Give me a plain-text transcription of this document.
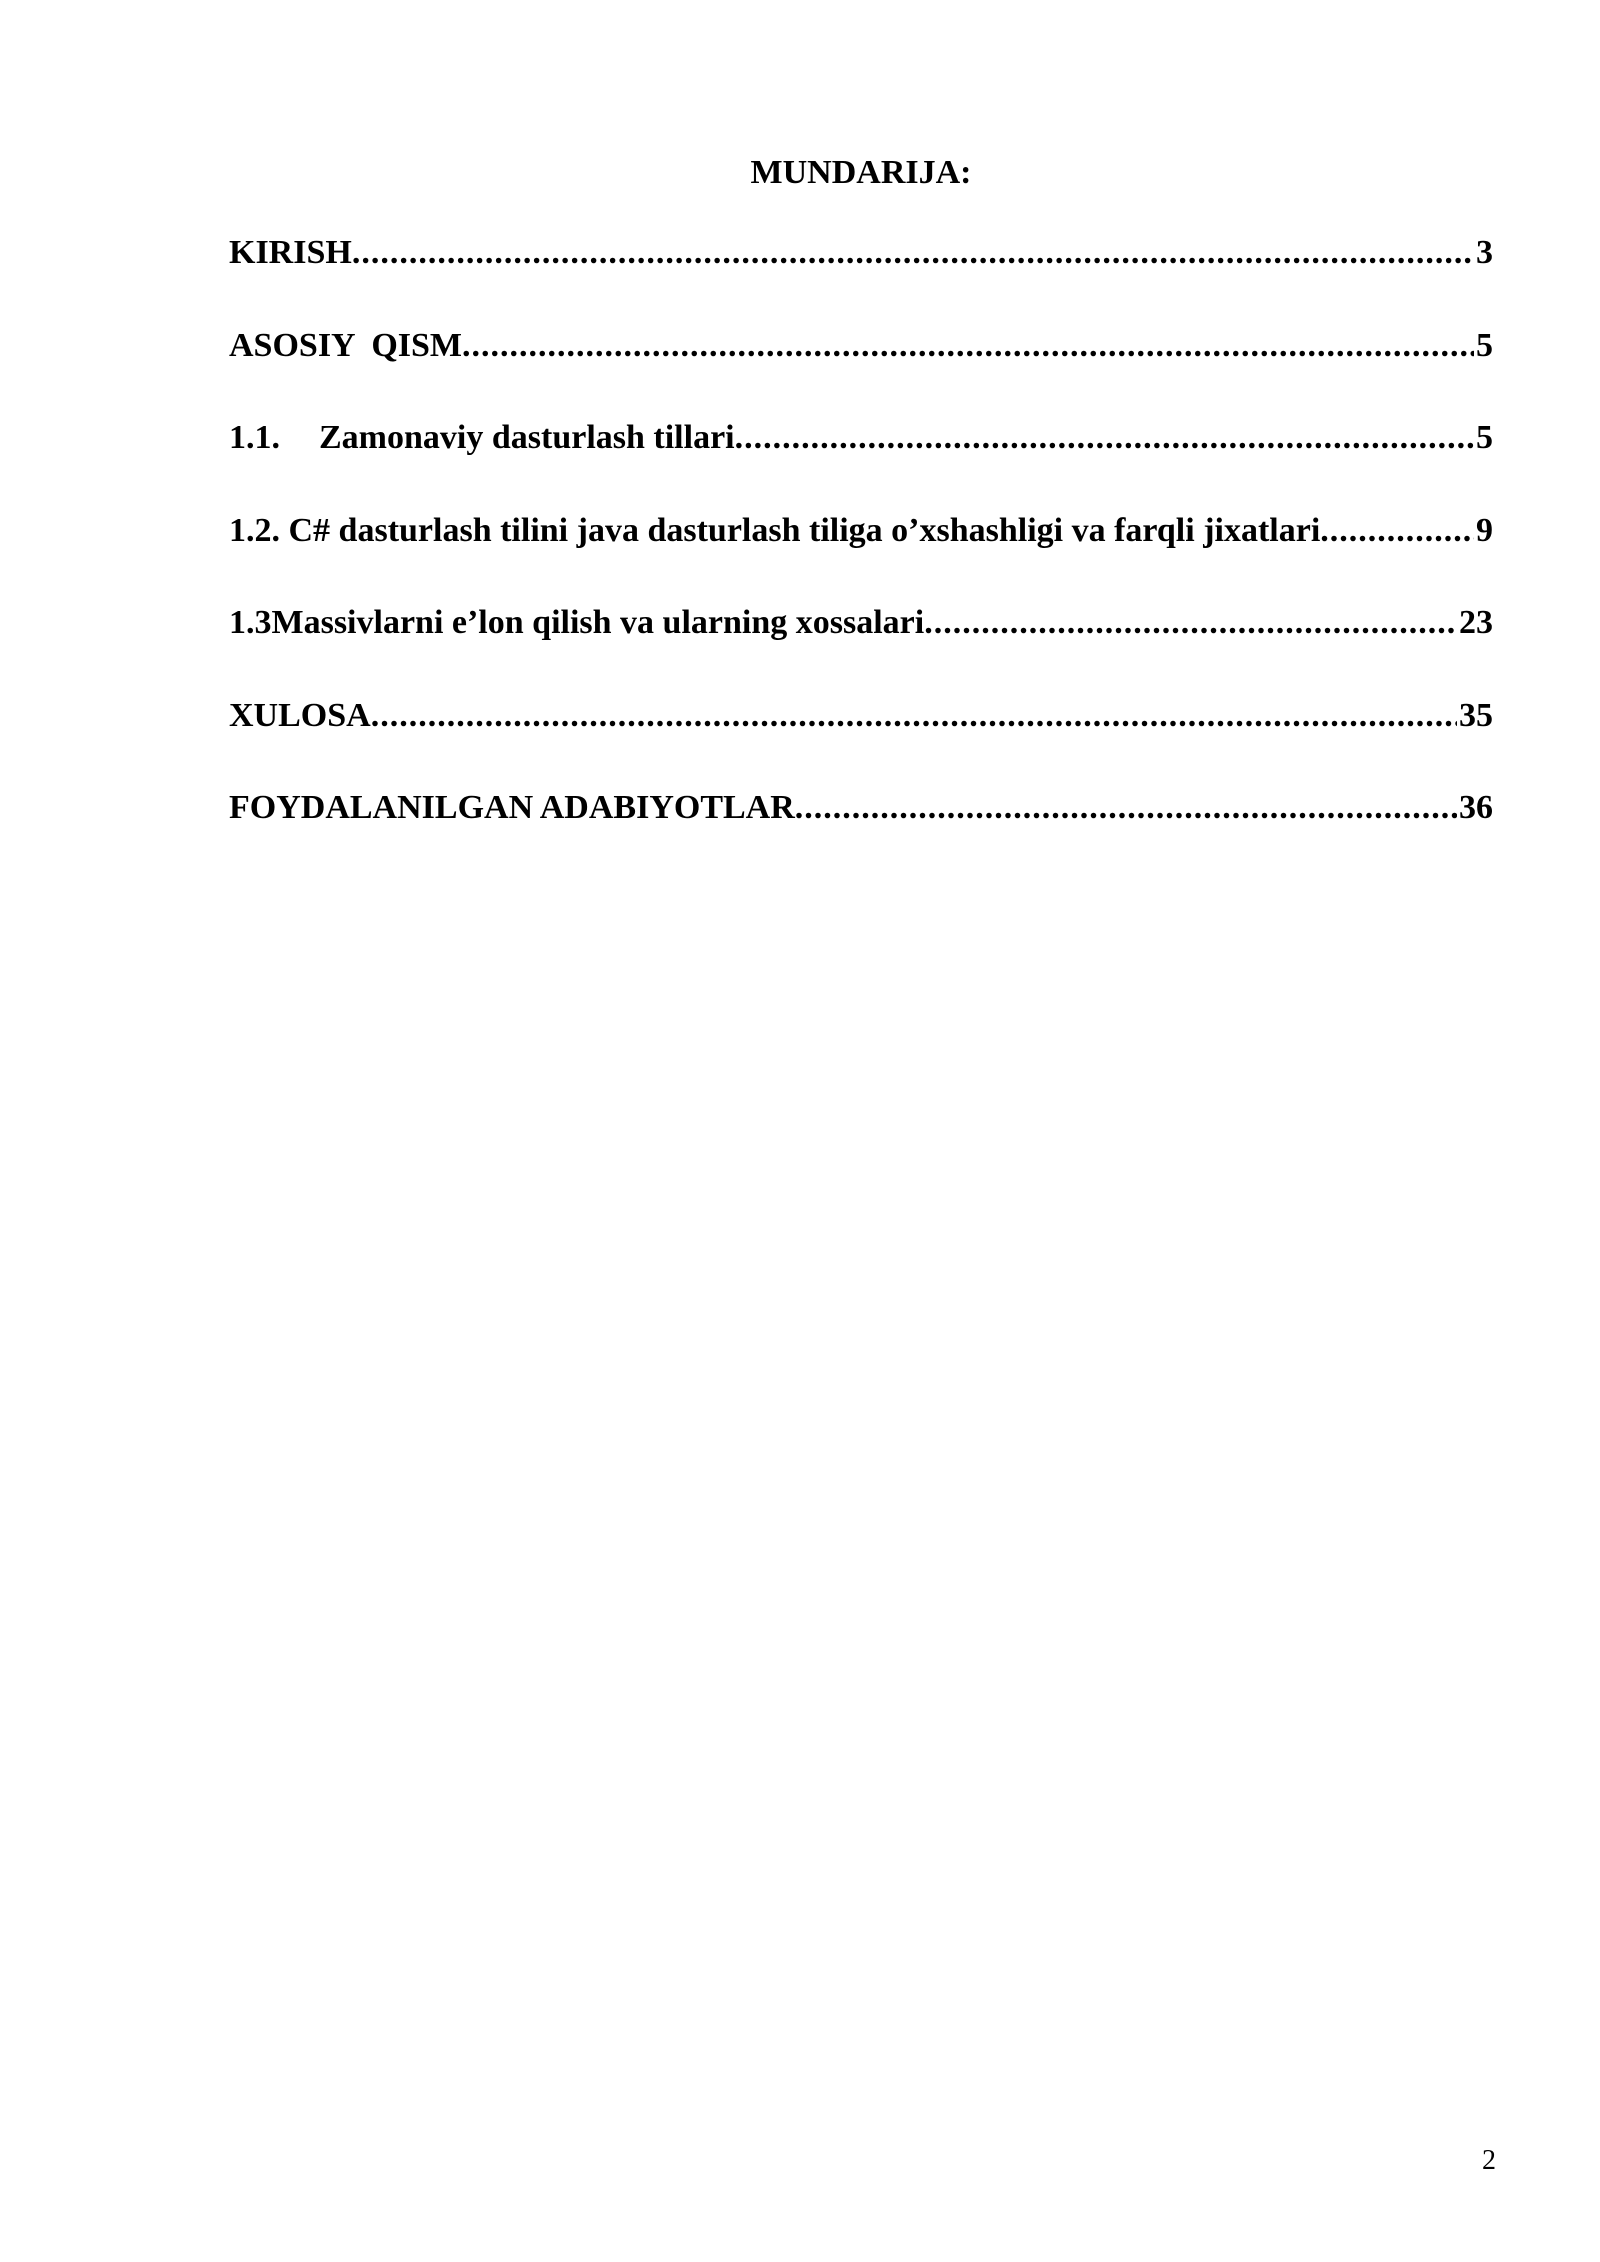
MUNDARIJA:
KIRISH .....	3
ASOSIY  QISM .....	5
1.1. Zamonaviy dasturlash tillari .....	5
1.2. C# dasturlash tilini java dasturlash tiliga o’xshashligi va farqli jixatlari .....	9
1.3Massivlarni e’lon qilish va ularning xossalari .....	23
XULOSA .....	35
FOYDALANILGAN ADABIYOTLAR .....	36
2
